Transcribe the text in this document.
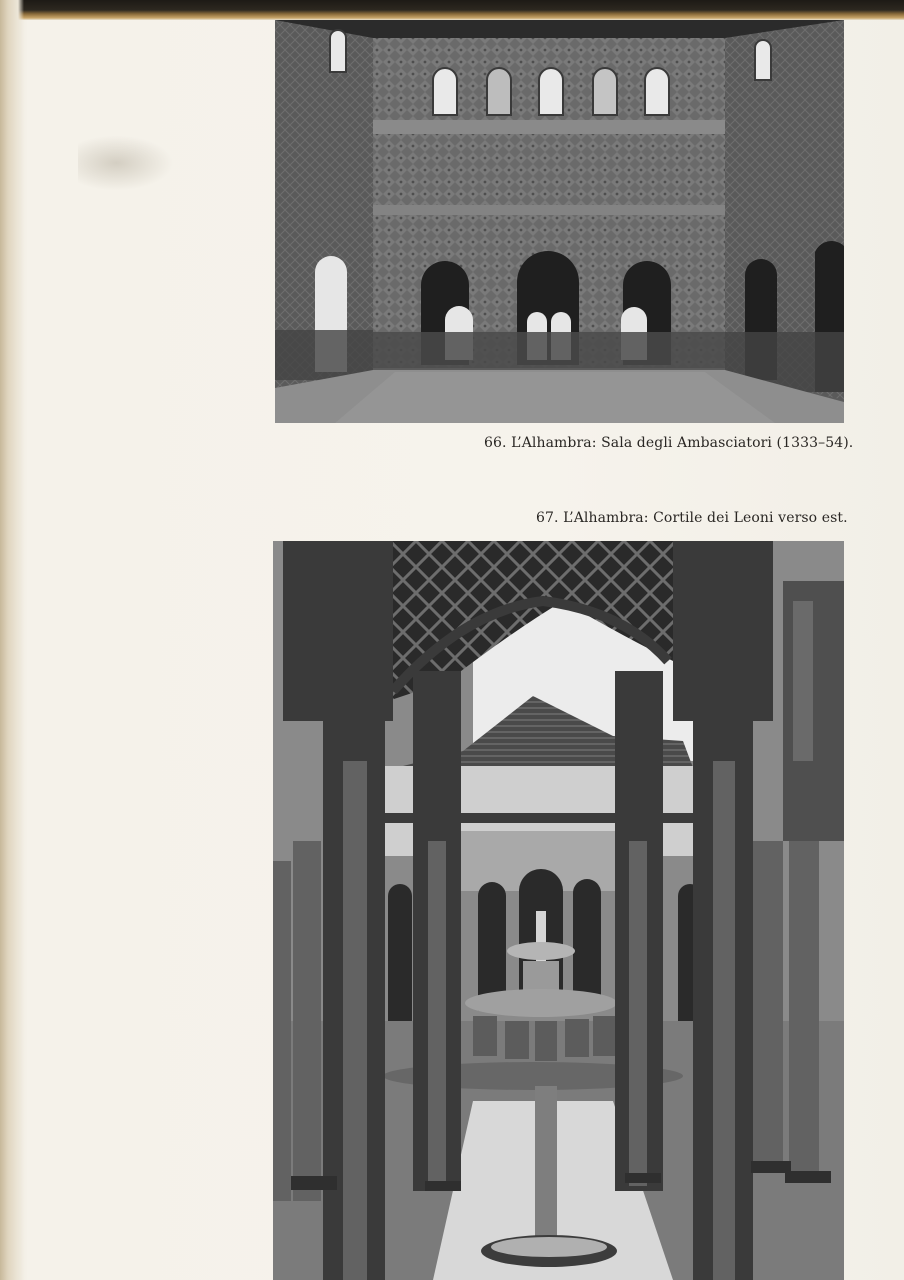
66. L’Alhambra: Sala degli Ambasciatori (1333–54).
67. L’Alhambra: Cortile dei Leoni verso est.
